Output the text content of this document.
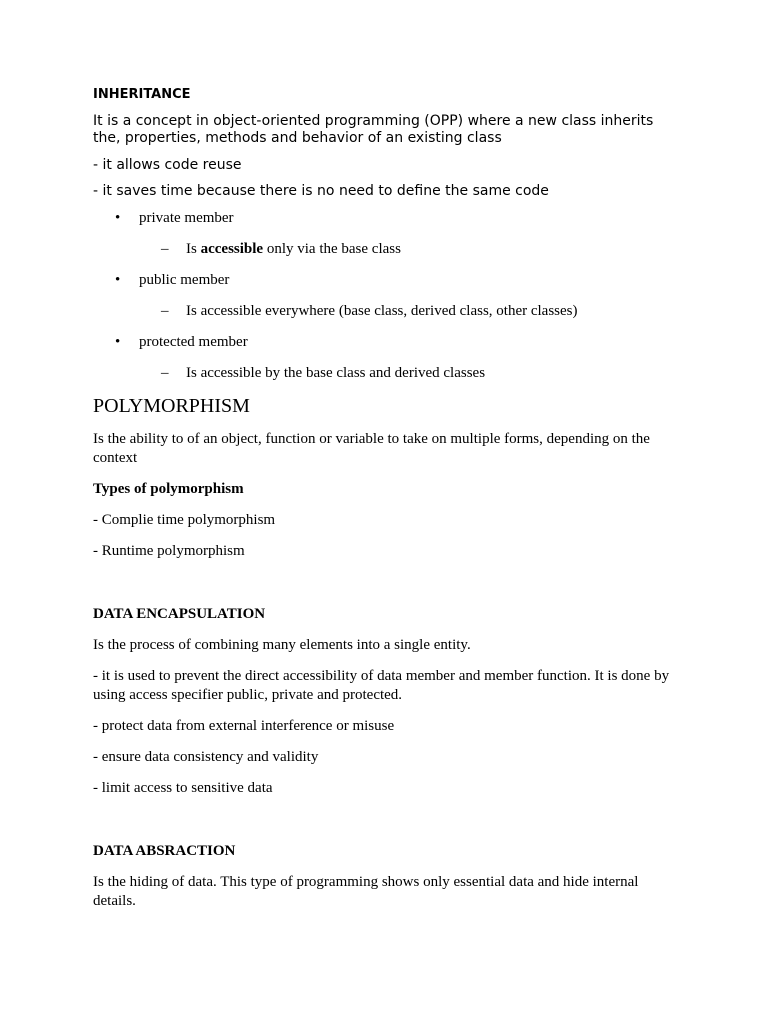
INHERITANCE

It is a concept in object-oriented programming (OPP) where a new class inherits the, properties, methods and behavior of an existing class

- it allows code reuse

- it saves time because there is no need to define the same code

• private member
– Is accessible only via the base class
• public member
– Is accessible everywhere (base class, derived class, other classes)
• protected member
– Is accessible by the base class and derived classes

POLYMORPHISM

Is the ability to of an object, function or variable to take on multiple forms, depending on the context

Types of polymorphism

- Complie time polymorphism

- Runtime polymorphism

DATA ENCAPSULATION

Is the process of combining many elements into a single entity.

- it is used to prevent the direct accessibility of data member and member function. It is done by using access specifier public, private and protected.

- protect data from external interference or misuse

- ensure data consistency and validity

- limit access to sensitive data

DATA ABSRACTION

Is the hiding of data. This type of programming shows only essential data and hide internal details.
